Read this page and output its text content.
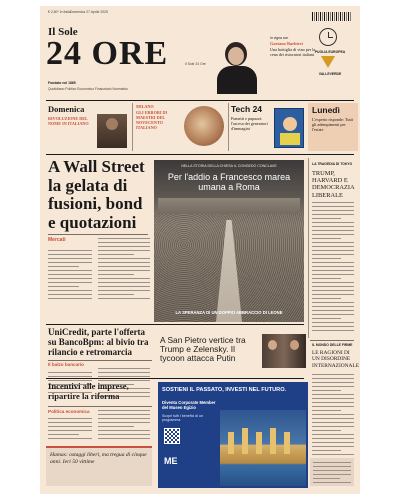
€ 2,50* In Italia Domenica 27 Aprile 2025
Il Sole
24 ORE
Fondato nel 1865
Quotidiano Politico Economico Finanziario Normativo
Il Sole 24 Ore
In vigna con
Gaetano Barbieri
Una bottiglia di vino per la cena dei ristoratori italiani PUGLIA EUROPEA
VALLEVERDE
Domenica
RIVOLUZIONE DEL NOME IN ITALIANO
MILANO
GLI ERRORI DI MAESTRI DEL NOVECENTO ITALIANO
Tech 24
Fumetti e pupazzi: l'ascesa dei generatori d'immagini
Lunedì
L'esperto risponde: Tutti gli adempimenti per l'estate
A Wall Street la gelata di fusioni, bond e quotazioni
Mercati
NELLA STORIA DELLA CHIESA IL CONGEDO CONCLAVE
Per l'addio a Francesco marea umana a Roma
LA SPERANZA DI UN DOPPIO ABBRACCIO DI LEONE
LA TRAGEDIA DI TOKYO
TRUMP, HARVARD E DEMOCRAZIA LIBERALE
UniCredit, parte l'offerta su BancoBpm: al bivio tra rilancio e retromarcia
Il balzo bancario
A San Pietro vertice tra Trump e Zelensky. Il tycoon attacca Putin
IL MONDO DELLE FIRME
LE RAGIONI DI UN DISORDINE INTERNAZIONALE
Incentivi alle imprese, ripartire la riforma
Politica economica
Hamas: ostaggi liberi, ma tregua di cinque anni. Ieri 50 vittime
SOSTIENI IL PASSATO, INVESTI NEL FUTURO.
Diventa Corporate Member del Museo Egizio
Scopri tutti i benefici di un programma
ME
